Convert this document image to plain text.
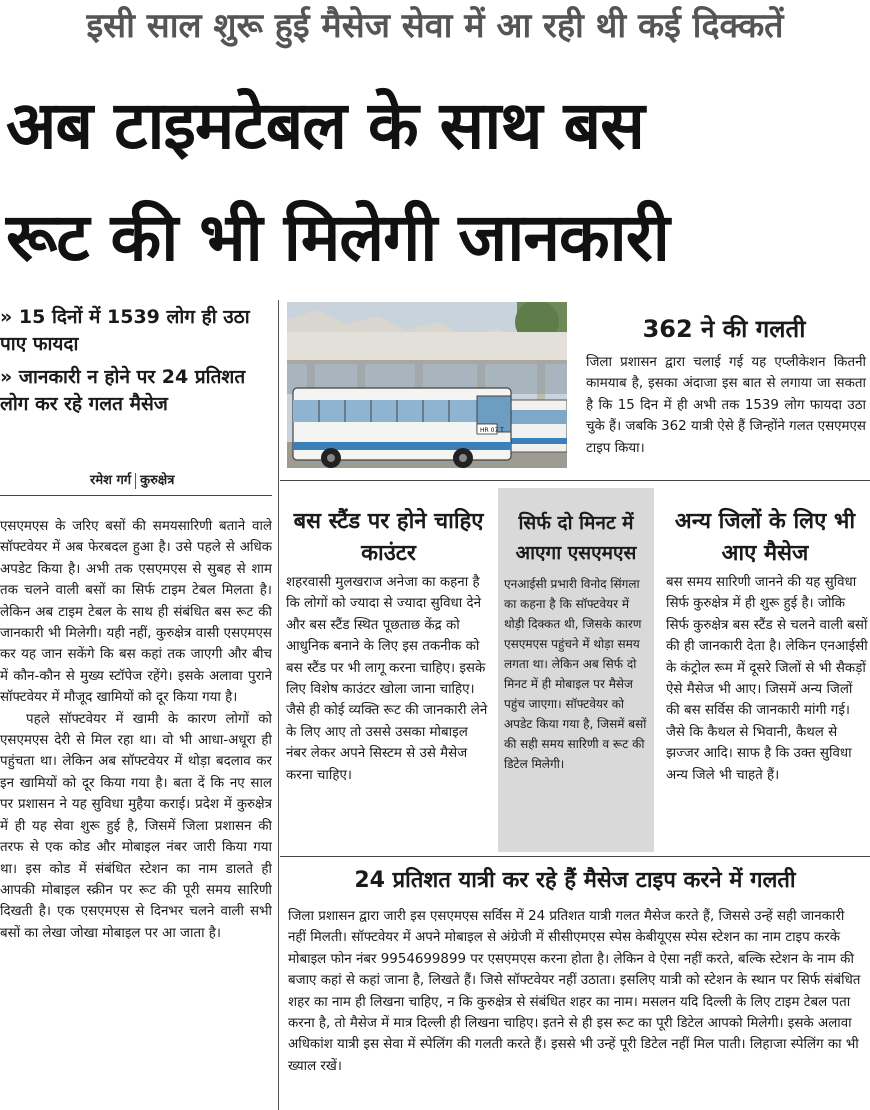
इसी साल शुरू हुई मैसेज सेवा में आ रही थी कई दिक्कतें
अब टाइमटेबल के साथ बस
रूट की भी मिलेगी जानकारी
» 15 दिनों में 1539 लोग ही उठा पाए फायदा
» जानकारी न होने पर 24 प्रतिशत लोग कर रहे गलत मैसेज
रमेश गर्ग कुरुक्षेत्र

एसएमएस के जरिए बसों की समयसारिणी बताने वाले सॉफ्टवेयर में अब फेरबदल हुआ है। उसे पहले से अधिक अपडेट किया है। अभी तक एसएमएस से सुबह से शाम तक चलने वाली बसों का सिर्फ टाइम टेबल मिलता है। लेकिन अब टाइम टेबल के साथ ही संबंधित बस रूट की जानकारी भी मिलेगी। यही नहीं, कुरुक्षेत्र वासी एसएमएस कर यह जान सकेंगे कि बस कहां तक जाएगी और बीच में कौन-कौन से मुख्य स्टॉपेज रहेंगे। इसके अलावा पुराने सॉफ्टवेयर में मौजूद खामियों को दूर किया गया है।

पहले सॉफ्टवेयर में खामी के कारण लोगों को एसएमएस देरी से मिल रहा था। वो भी आधा-अधूरा ही पहुंचता था। लेकिन अब सॉफ्टवेयर में थोड़ा बदलाव कर इन खामियों को दूर किया गया है। बता दें कि नए साल पर प्रशासन ने यह सुविधा मुहैया कराई। प्रदेश में कुरुक्षेत्र में ही यह सेवा शुरू हुई है, जिसमें जिला प्रशासन की तरफ से एक कोड और मोबाइल नंबर जारी किया गया था। इस कोड में संबंधित स्टेशन का नाम डालते ही आपकी मोबाइल स्क्रीन पर रूट की पूरी समय सारिणी दिखती है। एक एसएमएस से दिनभर चलने वाली सभी बसों का लेखा जोखा मोबाइल पर आ जाता है।

HR 07 T
362 ने की गलती
जिला प्रशासन द्वारा चलाई गई यह एप्लीकेशन कितनी कामयाब है, इसका अंदाजा इस बात से लगाया जा सकता है कि 15 दिन में ही अभी तक 1539 लोग फायदा उठा चुके हैं। जबकि 362 यात्री ऐसे हैं जिन्होंने गलत एसएमएस टाइप किया।
बस स्टैंड पर होने चाहिए काउंटर
शहरवासी मुलखराज अनेजा का कहना है कि लोगों को ज्यादा से ज्यादा सुविधा देने और बस स्टैंड स्थित पूछताछ केंद्र को आधुनिक बनाने के लिए इस तकनीक को बस स्टैंड पर भी लागू करना चाहिए। इसके लिए विशेष काउंटर खोला जाना चाहिए। जैसे ही कोई व्यक्ति रूट की जानकारी लेने के लिए आए तो उससे उसका मोबाइल नंबर लेकर अपने सिस्टम से उसे मैसेज करना चाहिए।
सिर्फ दो मिनट में आएगा एसएमएस
एनआईसी प्रभारी विनोद सिंगला का कहना है कि सॉफ्टवेयर में थोड़ी दिक्कत थी, जिसके कारण एसएमएस पहुंचने में थोड़ा समय लगता था। लेकिन अब सिर्फ दो मिनट में ही मोबाइल पर मैसेज पहुंच जाएगा। सॉफ्टवेयर को अपडेट किया गया है, जिसमें बसों की सही समय सारिणी व रूट की डिटेल मिलेगी।
अन्य जिलों के लिए भी आए मैसेज
बस समय सारिणी जानने की यह सुविधा सिर्फ कुरुक्षेत्र में ही शुरू हुई है। जोकि सिर्फ कुरुक्षेत्र बस स्टैंड से चलने वाली बसों की ही जानकारी देता है। लेकिन एनआईसी के कंट्रोल रूम में दूसरे जिलों से भी सैकड़ों ऐसे मैसेज भी आए। जिसमें अन्य जिलों की बस सर्विस की जानकारी मांगी गई। जैसे कि कैथल से भिवानी, कैथल से झज्जर आदि। साफ है कि उक्त सुविधा अन्य जिले भी चाहते हैं।
24 प्रतिशत यात्री कर रहे हैं मैसेज टाइप करने में गलती
जिला प्रशासन द्वारा जारी इस एसएमएस सर्विस में 24 प्रतिशत यात्री गलत मैसेज करते हैं, जिससे उन्हें सही जानकारी नहीं मिलती। सॉफ्टवेयर में अपने मोबाइल से अंग्रेजी में सीसीएमएस स्पेस केबीयूएस स्पेस स्टेशन का नाम टाइप करके मोबाइल फोन नंबर 9954699899 पर एसएमएस करना होता है। लेकिन वे ऐसा नहीं करते, बल्कि स्टेशन के नाम की बजाए कहां से कहां जाना है, लिखते हैं। जिसे सॉफ्टवेयर नहीं उठाता। इसलिए यात्री को स्टेशन के स्थान पर सिर्फ संबंधित शहर का नाम ही लिखना चाहिए, न कि कुरुक्षेत्र से संबंधित शहर का नाम। मसलन यदि दिल्ली के लिए टाइम टेबल पता करना है, तो मैसेज में मात्र दिल्ली ही लिखना चाहिए। इतने से ही इस रूट का पूरी डिटेल आपको मिलेगी। इसके अलावा अधिकांश यात्री इस सेवा में स्पेलिंग की गलती करते हैं। इससे भी उन्हें पूरी डिटेल नहीं मिल पाती। लिहाजा स्पेलिंग का भी ख्याल रखें।
